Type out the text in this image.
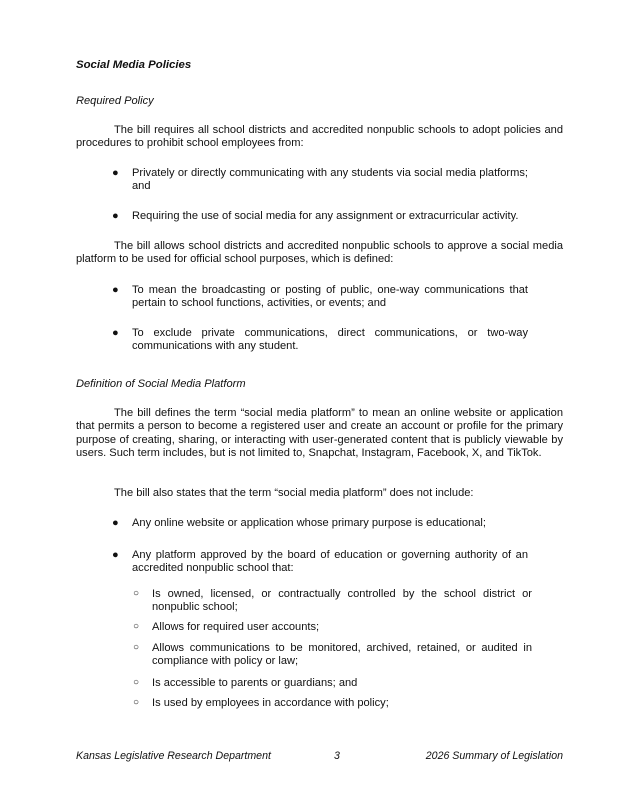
Social Media Policies
Required Policy
The bill requires all school districts and accredited nonpublic schools to adopt policies and procedures to prohibit school employees from:
● Privately or directly communicating with any students via social media platforms; and
● Requiring the use of social media for any assignment or extracurricular activity.
The bill allows school districts and accredited nonpublic schools to approve a social media platform to be used for official school purposes, which is defined:
● To mean the broadcasting or posting of public, one-way communications that pertain to school functions, activities, or events; and
● To exclude private communications, direct communications, or two-way communications with any student.
Definition of Social Media Platform
The bill defines the term “social media platform” to mean an online website or application that permits a person to become a registered user and create an account or profile for the primary purpose of creating, sharing, or interacting with user-generated content that is publicly viewable by users. Such term includes, but is not limited to, Snapchat, Instagram, Facebook, X, and TikTok.
The bill also states that the term “social media platform” does not include:
● Any online website or application whose primary purpose is educational;
● Any platform approved by the board of education or governing authority of an accredited nonpublic school that:
○ Is owned, licensed, or contractually controlled by the school district or nonpublic school;
○ Allows for required user accounts;
○ Allows communications to be monitored, archived, retained, or audited in compliance with policy or law;
○ Is accessible to parents or guardians; and
○ Is used by employees in accordance with policy;
Kansas Legislative Research Department	3	2026 Summary of Legislation
